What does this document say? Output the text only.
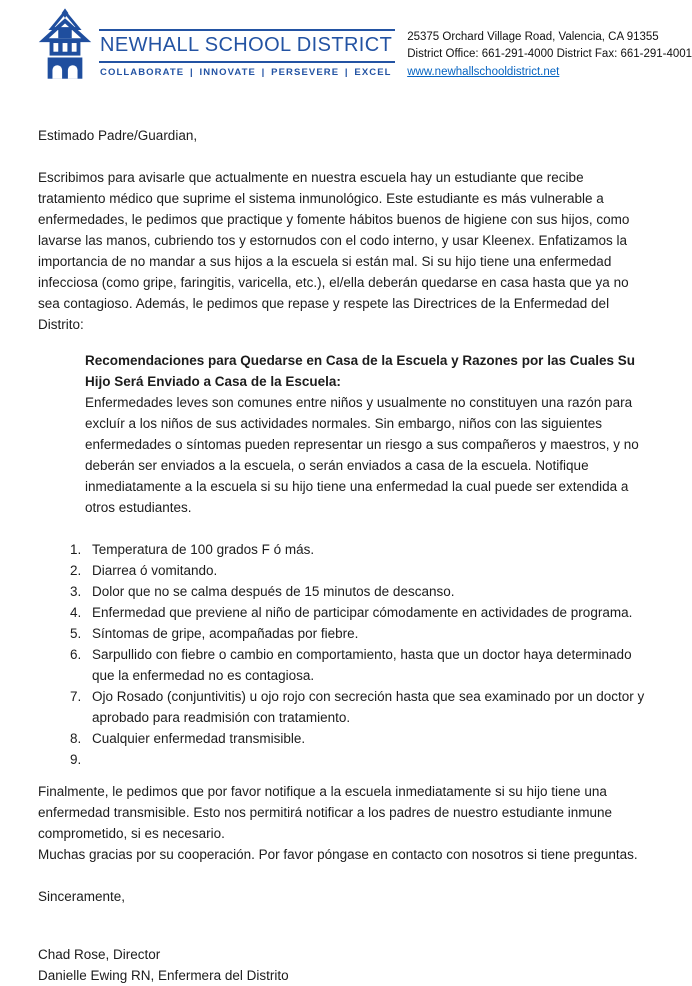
NEWHALL SCHOOL DISTRICT
COLLABORATE | INNOVATE | PERSEVERE | EXCEL
25375 Orchard Village Road, Valencia, CA 91355
District Office: 661-291-4000 District Fax: 661-291-4001
www.newhallschooldistrict.net

Estimado Padre/Guardian,

Escribimos para avisarle que actualmente en nuestra escuela hay un estudiante que recibe tratamiento médico que suprime el sistema inmunológico. Este estudiante es más vulnerable a enfermedades, le pedimos que practique y fomente hábitos buenos de higiene con sus hijos, como lavarse las manos, cubriendo tos y estornudos con el codo interno, y usar Kleenex. Enfatizamos la importancia de no mandar a sus hijos a la escuela si están mal. Si su hijo tiene una enfermedad infecciosa (como gripe, faringitis, varicella, etc.), el/ella deberán quedarse en casa hasta que ya no sea contagioso. Además, le pedimos que repase y respete las Directrices de la Enfermedad del Distrito:

Recomendaciones para Quedarse en Casa de la Escuela y Razones por las Cuales Su Hijo Será Enviado a Casa de la Escuela:

Enfermedades leves son comunes entre niños y usualmente no constituyen una razón para excluír a los niños de sus actividades normales. Sin embargo, niños con las siguientes enfermedades o síntomas pueden representar un riesgo a sus compañeros y maestros, y no deberán ser enviados a la escuela, o serán enviados a casa de la escuela. Notifique inmediatamente a la escuela si su hijo tiene una enfermedad la cual puede ser extendida a otros estudiantes.

1. Temperatura de 100 grados F ó más.
2. Diarrea ó vomitando.
3. Dolor que no se calma después de 15 minutos de descanso.
4. Enfermedad que previene al niño de participar cómodamente en actividades de programa.
5. Síntomas de gripe, acompañadas por fiebre.
6. Sarpullido con fiebre o cambio en comportamiento, hasta que un doctor haya determinado que la enfermedad no es contagiosa.
7. Ojo Rosado (conjuntivitis) u ojo rojo con secreción hasta que sea examinado por un doctor y aprobado para readmisión con tratamiento.
8. Cualquier enfermedad transmisible.
9.

Finalmente, le pedimos que por favor notifique a la escuela inmediatamente si su hijo tiene una enfermedad transmisible. Esto nos permitirá notificar a los padres de nuestro estudiante inmune comprometido, si es necesario.

Muchas gracias por su cooperación. Por favor póngase en contacto con nosotros si tiene preguntas.

Sinceramente,

Chad Rose, Director

Danielle Ewing RN, Enfermera del Distrito
